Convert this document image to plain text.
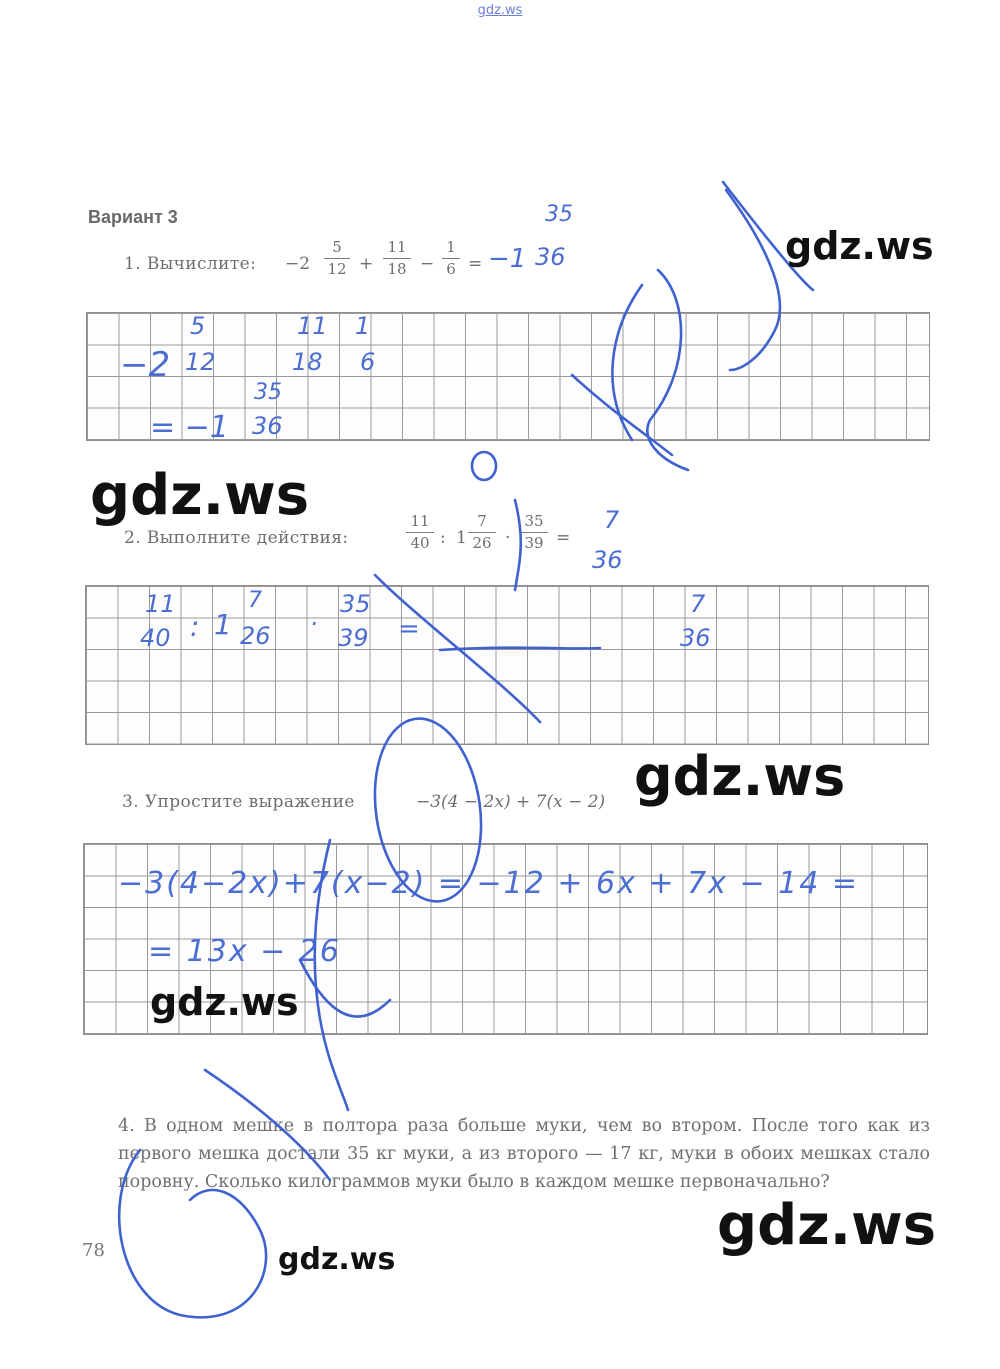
gdz.ws
Вариант 3
1. Вычислите: −2
5
12 +
11
18 −
1
6 = −1
35
36
−2
5
12
11
18
1
6
= −1
35
36
2. Выполните действия:
11
40 : 1
7
26 ·
35
39 =
7
36
11
40 : 1
7
26 ·
35
39 =
7
36
3. Упростите выражение	−3(4 − 2x) + 7(x − 2)
−3(4−2x)+7(x−2) = −12 + 6x + 7x − 14 =
= 13x − 26

4. В одном мешке в полтора раза больше муки, чем во втором. После того как из первого мешка достали 35 кг муки, а из второго — 17 кг, муки в обоих мешках стало поровну. Сколько килограммов муки было в каждом мешке первоначально?

78
gdz.ws
gdz.ws
gdz.ws
gdz.ws
gdz.ws
gdz.ws
